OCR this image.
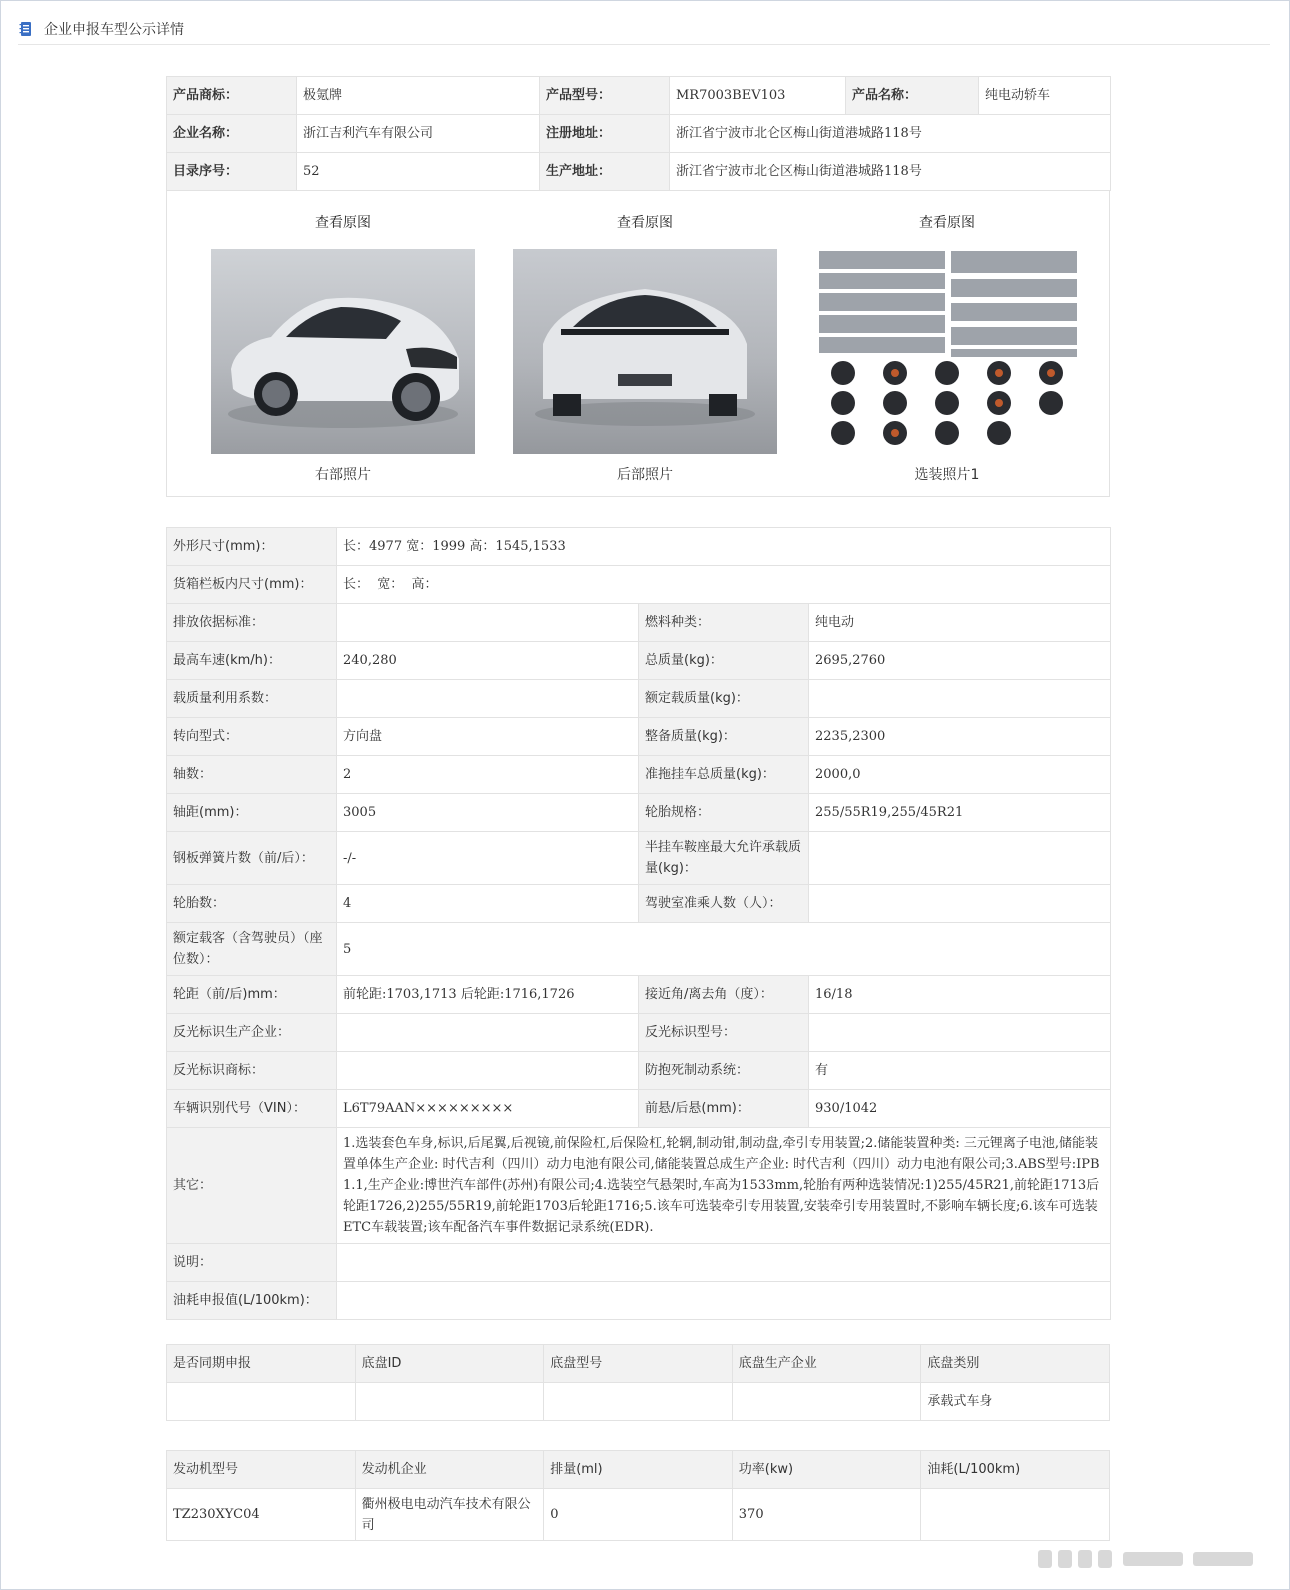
企业申报车型公示详情
产品商标：	极氪牌	产品型号：	MR7003BEV103	产品名称：	纯电动轿车
企业名称：	浙江吉利汽车有限公司	注册地址：	浙江省宁波市北仑区梅山街道港城路118号		
目录序号：	52	生产地址：	浙江省宁波市北仑区梅山街道港城路118号		
查看原图
右部照片
查看原图
后部照片
查看原图
选装照片1
外形尺寸(mm)：	长：4977 宽：1999 高：1545,1533		
货箱栏板内尺寸(mm)：	长：  宽：  高：		
排放依据标准：		燃料种类：	纯电动
最高车速(km/h)：	240,280	总质量(kg)：	2695,2760
载质量利用系数：		额定载质量(kg)：	
转向型式：	方向盘	整备质量(kg)：	2235,2300
轴数：	2	准拖挂车总质量(kg)：	2000,0
轴距(mm)：	3005	轮胎规格：	255/55R19,255/45R21
钢板弹簧片数（前/后）：	-/-	半挂车鞍座最大允许承载质量(kg)：	
轮胎数：	4	驾驶室准乘人数（人）：	
额定载客（含驾驶员）（座位数）：	5		
轮距（前/后)mm：	前轮距:1703,1713 后轮距:1716,1726	接近角/离去角（度）：	16/18
反光标识生产企业：		反光标识型号：	
反光标识商标：		防抱死制动系统：	有
车辆识别代号（VIN）：	L6T79AAN×××××××××	前悬/后悬(mm)：	930/1042
其它：	1.选装套色车身,标识,后尾翼,后视镜,前保险杠,后保险杠,轮辋,制动钳,制动盘,牵引专用装置;2.储能装置种类: 三元锂离子电池,储能装置单体生产企业: 时代吉利（四川）动力电池有限公司,储能装置总成生产企业: 时代吉利（四川）动力电池有限公司;3.ABS型号:IPB1.1,生产企业:博世汽车部件(苏州)有限公司;4.选装空气悬架时,车高为1533mm,轮胎有两种选装情况:1)255/45R21,前轮距1713后轮距1726,2)255/55R19,前轮距1703后轮距1716;5.该车可选装牵引专用装置,安装牵引专用装置时,不影响车辆长度;6.该车可选装ETC车载装置;该车配备汽车事件数据记录系统(EDR).		
说明：			
油耗申报值(L/100km)：			
是否同期申报	底盘ID	底盘型号	底盘生产企业	底盘类别
				承载式车身
发动机型号	发动机企业	排量(ml)	功率(kw)	油耗(L/100km)
TZ230XYC04	衢州极电电动汽车技术有限公司	0	370	
